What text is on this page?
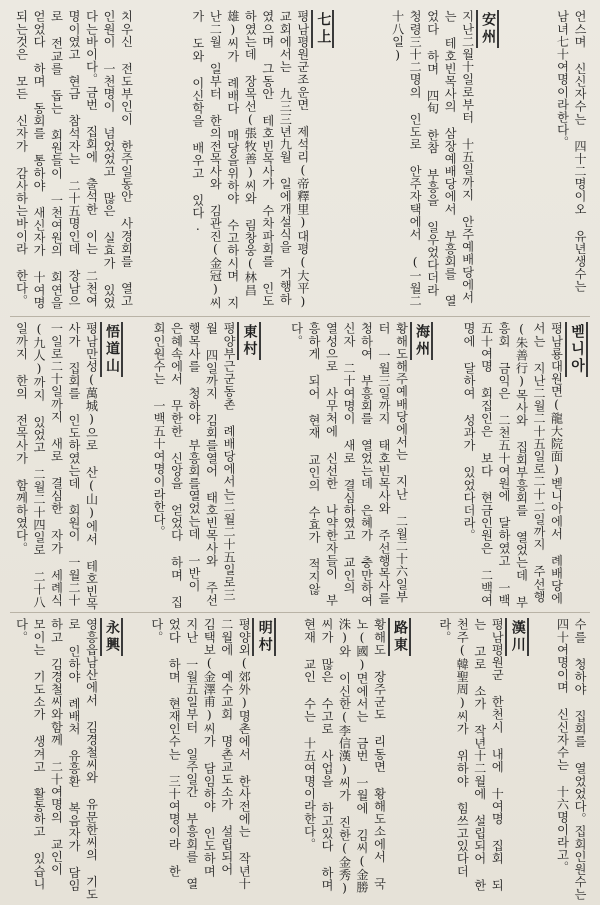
언스며 신신자수는 四十二명이오 유년생수는 남녀七十여명이라한다。
安州
지난二월十일로부터 十五일까지 안주예배당에서는 테호빈목사의 삼장예배당에서 부흥회를 열었다 하며 四旬 한참 부흥을 일우었다더라 청령三十二명의 인도로 안주자택에서 (一월二十八일)
七上
평남평원군조운면 제석리(帝釋里)대평(大平)교회에서는 九三三년九월 일에개설식을 거행하였으며 그동안 테호빈목사가 수차파회를 인도하였는데 장목선(張牧善)씨와 림창웅(林昌雄)씨가 례배다 매당을위하야 수고하시며 지난二월 일부터 한의전목사와 김관진(金冠)씨가 도와 이신학을 배우고 있다.
치우신 전도부인이 한주일동안 사경회를 열고 인원이 一천명이 넘었었고 많은 실효가 있었다는바이다。금번 집회에 출석한 이는 二천여명이였고 현금 참석자는 二十五명인데 장남으로 전교를 돕는 회원들이 一천여원의 회연을 얻었다 하며 동회를 통하야 새신자가 十여명 되는것은 모든 신자가 감사하는바이라 한다。
벧니아
평남룡대원면(龍大院面)벧니아에서 례배당에서는 지난二월二十五일로二十二일까지 주선행(朱善行)목사와 집회부흥회를 열었는데 부흥회 금익은 二천五十여원에 달하였고 一백五十여명 회집인은 보다 현금인원은 二백여명에 달하여 성과가 있었다더라。
海州
황해도해주예배당에서는 지난 二월二十六일부터 一월三일까지 태호빈목사와 주선행목사를 청하여 부흥회를 열었는데 은혜가 충만하여 신자 二十여명이 새로 결심하였고 교인의 열성으로 사무처에 신선한 나약한자들이 부흥하게 되어 현재 교인의 수효가 적지않다。
東村
평양부근군동촌 례배당에서는二월二十五일로三월 四일까지 김회를열어 태호빈목사와 주선행목사를 청하야 부흥회를열었는데 一반이 은혜속에서 무한한 신앙을 얻었다 하며 집회인원수는 一백五十여명이라한다。
悟道山
평남만성(萬城)으로 산(山)에서 테호빈목사가 집회를 인도하였는데 회원이 一월二十一일로二十일까지 새로 결심한 자가 세례식(九人)까지 있었고 二월二十四일로 二十八일까지 한의 전목사가 함께하였다。
수를 청하야 집회를 열었었다。집회인원수는 四十여명이며 신신자수는 十六명이라고。
漢川
평남평원군 한천시 내에 十여명 집회 되는 고로 소가 작년十二월에 설립되어 한천주(韓聖周)씨가 위하야 힘쓰고있다더라。
路東
황해도 장주군도 리동면 황해도소에서 국노(國)면에서는 금번 一월에 김씨(金勝洙)와 이신한(李信漢)씨가 진한(金秀)씨가 많은 수고로 사업을 하고있다 하며 현재 교인 수는 十五여명이라한다。
明村
평양외(郊外)명촌에서 한사전에는 작년十二월에 예수교회 명촌교도소가 설립되어 김택보(金澤甫)씨가 담임하야 인도하며 지난 一월五일부터 일주일간 부흥회를 열었다 하며 현재인수는 三十여명이라 한다。
永興
영흥읍남산에서 김경철씨와 유문한씨의 기도로 인하야 례배처 유흥환 복음자가 담임하고 김경철씨와함께 二十여명의 교인이 모이는 기도소가 생겨고 활동하고 있습니다。
